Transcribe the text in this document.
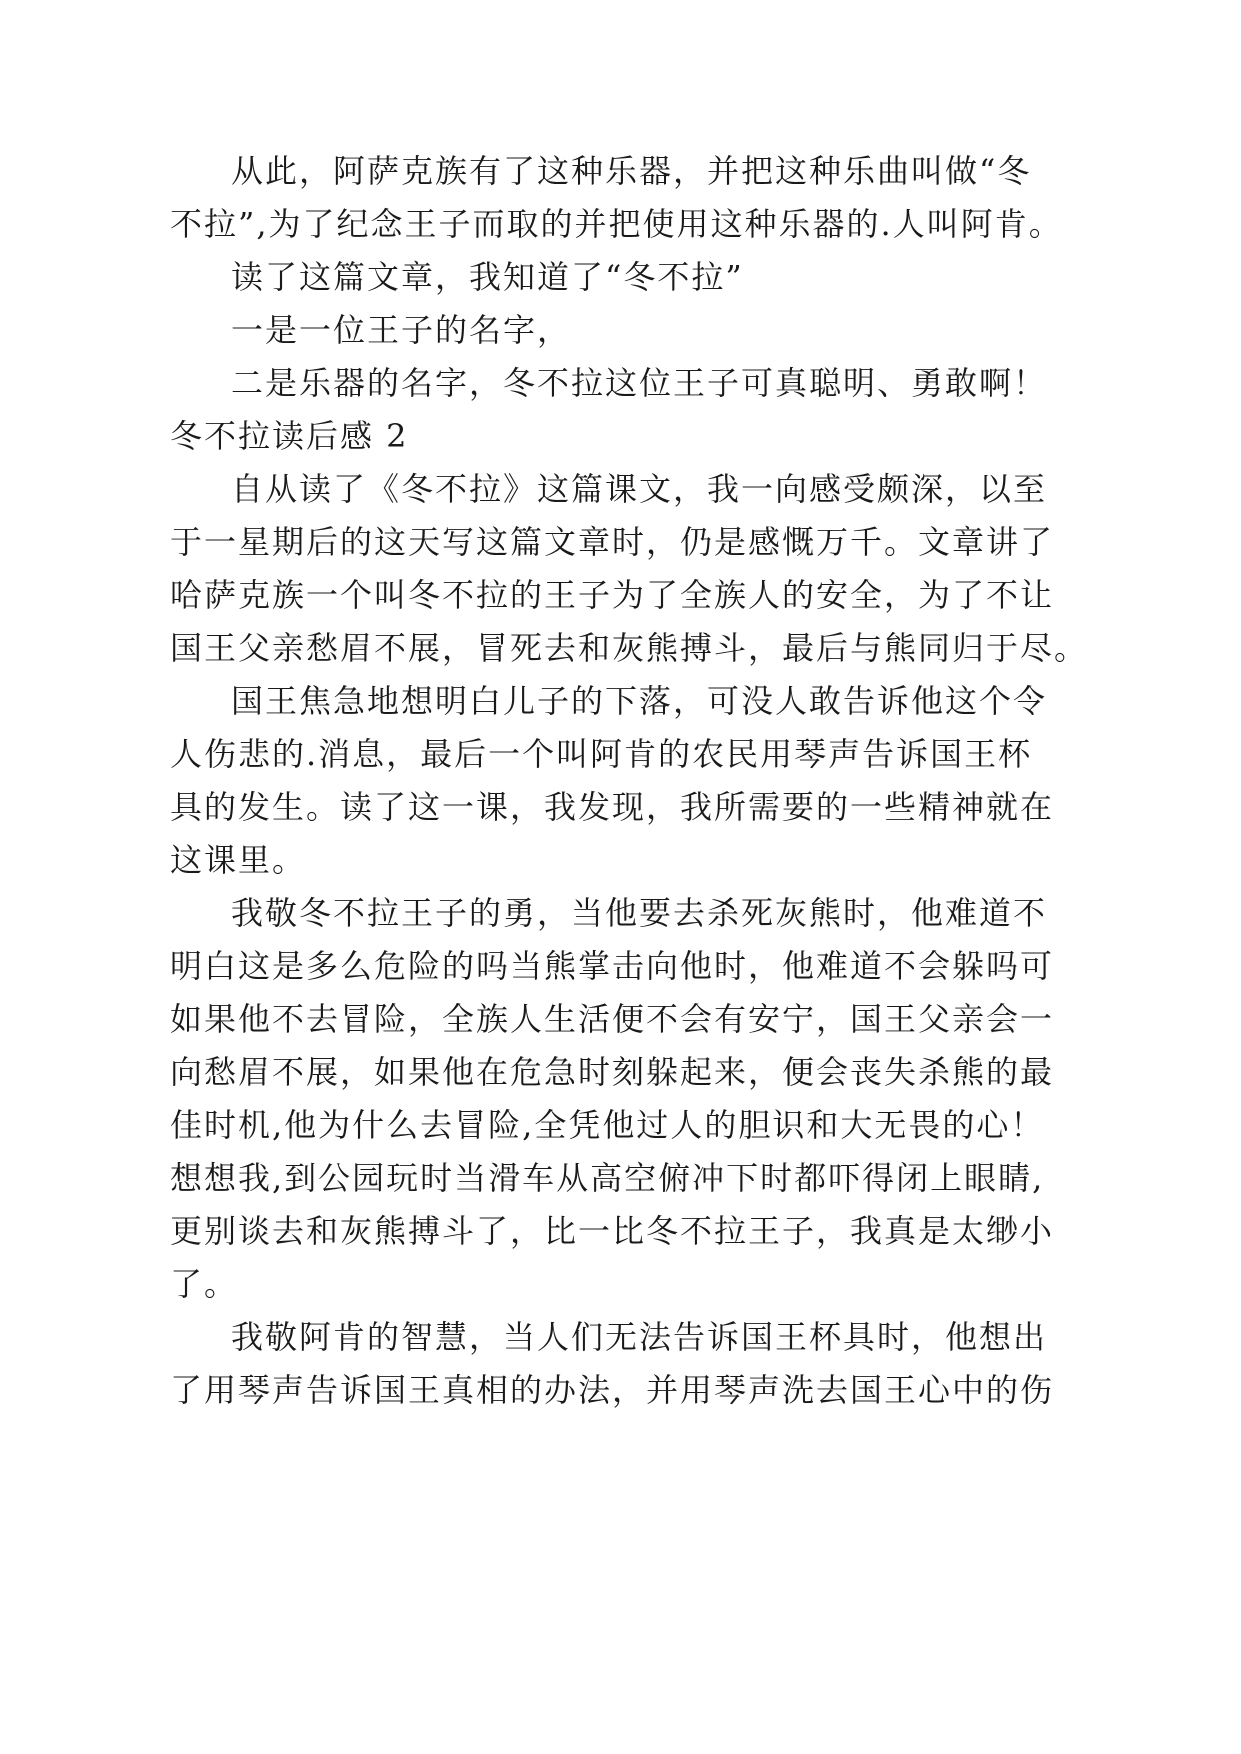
从此，阿萨克族有了这种乐器，并把这种乐曲叫做“冬
不拉”,为了纪念王子而取的并把使用这种乐器的.人叫阿肯。
读了这篇文章，我知道了“冬不拉”
一是一位王子的名字，
二是乐器的名字，冬不拉这位王子可真聪明、勇敢啊！
冬不拉读后感 2
自从读了《冬不拉》这篇课文，我一向感受颇深，以至
于一星期后的这天写这篇文章时，仍是感慨万千。文章讲了
哈萨克族一个叫冬不拉的王子为了全族人的安全，为了不让
国王父亲愁眉不展，冒死去和灰熊搏斗，最后与熊同归于尽。
国王焦急地想明白儿子的下落，可没人敢告诉他这个令
人伤悲的.消息，最后一个叫阿肯的农民用琴声告诉国王杯
具的发生。读了这一课，我发现，我所需要的一些精神就在
这课里。
我敬冬不拉王子的勇，当他要去杀死灰熊时，他难道不
明白这是多么危险的吗当熊掌击向他时，他难道不会躲吗可
如果他不去冒险，全族人生活便不会有安宁，国王父亲会一
向愁眉不展，如果他在危急时刻躲起来，便会丧失杀熊的最
佳时机,他为什么去冒险,全凭他过人的胆识和大无畏的心！
想想我,到公园玩时当滑车从高空俯冲下时都吓得闭上眼睛,
更别谈去和灰熊搏斗了，比一比冬不拉王子，我真是太缈小
了。
我敬阿肯的智慧，当人们无法告诉国王杯具时，他想出
了用琴声告诉国王真相的办法，并用琴声洗去国王心中的伤
